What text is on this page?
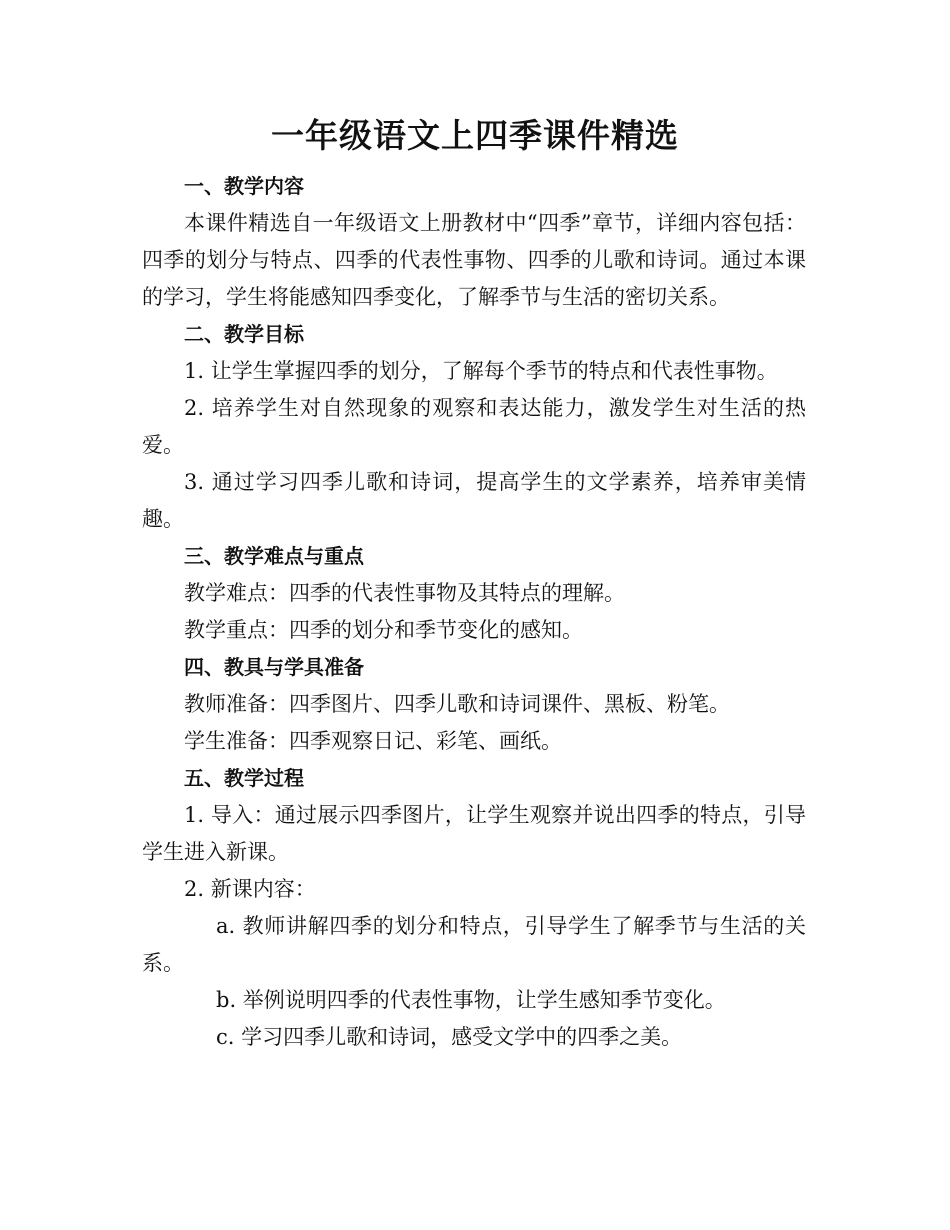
一年级语文上四季课件精选

一、教学内容

本课件精选自一年级语文上册教材中“四季”章节，详细内容包括：四季的划分与特点、四季的代表性事物、四季的儿歌和诗词。通过本课的学习，学生将能感知四季变化，了解季节与生活的密切关系。

二、教学目标

1. 让学生掌握四季的划分，了解每个季节的特点和代表性事物。

2. 培养学生对自然现象的观察和表达能力，激发学生对生活的热爱。

3. 通过学习四季儿歌和诗词，提高学生的文学素养，培养审美情趣。

三、教学难点与重点

教学难点：四季的代表性事物及其特点的理解。

教学重点：四季的划分和季节变化的感知。

四、教具与学具准备

教师准备：四季图片、四季儿歌和诗词课件、黑板、粉笔。

学生准备：四季观察日记、彩笔、画纸。

五、教学过程

1. 导入：通过展示四季图片，让学生观察并说出四季的特点，引导学生进入新课。

2. 新课内容：

a. 教师讲解四季的划分和特点，引导学生了解季节与生活的关系。

b. 举例说明四季的代表性事物，让学生感知季节变化。

c. 学习四季儿歌和诗词，感受文学中的四季之美。
